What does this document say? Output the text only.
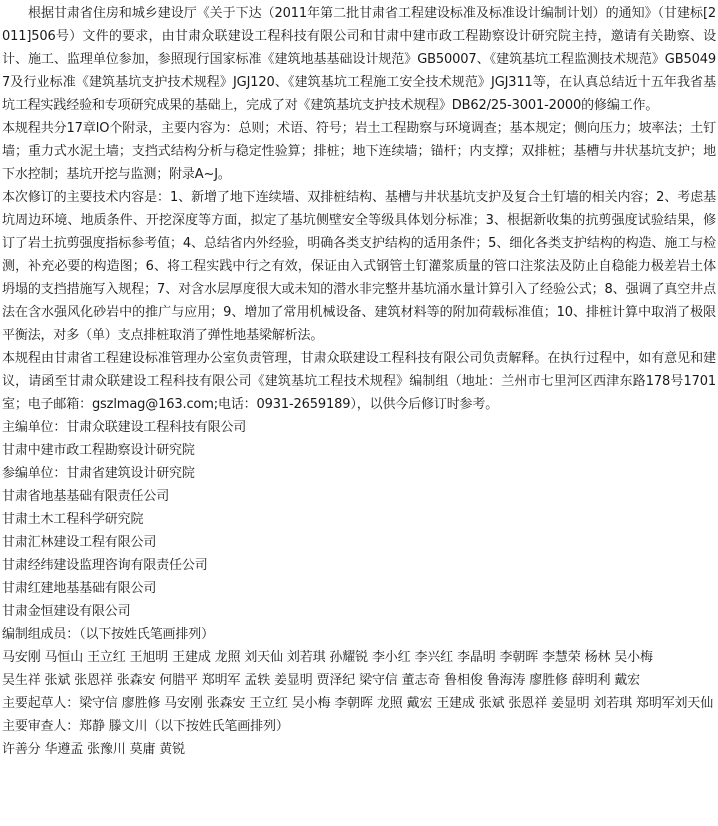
根据甘肃省住房和城乡建设厅《关于下达（2011年第二批甘肃省工程建设标准及标准设计编制计划）的通知》（甘建标[2011]506号）文件的要求，由甘肃众联建设工程科技有限公司和甘肃中建市政工程勘察设计研究院主持，邀请有关勘察、设计、施工、监理单位参加，参照现行国家标准《建筑地基基础设计规范》GB50007、《建筑基坑工程监测技术规范》GB50497及行业标准《建筑基坑支护技术规程》JGJ120、《建筑基坑工程施工安全技术规范》JGJ311等，在认真总结近十五年我省基坑工程实践经验和专项研究成果的基础上，完成了对《建筑基坑支护技术规程》DB62/25-3001-2000的修编工作。

本规程共分17章lO个附录，主要内容为：总则；术语、符号；岩土工程勘察与环境调查；基本规定；侧向压力；坡率法；土钉墙；重力式水泥土墙；支挡式结构分析与稳定性验算；排桩；地下连续墙；锚杆；内支撑；双排桩；基槽与井状基坑支护；地下水控制；基坑开挖与监测；附录A~J。

本次修订的主要技术内容是：1、新增了地下连续墙、双排桩结构、基槽与井状基坑支护及复合土钉墙的相关内容；2、考虑基坑周边环境、地质条件、开挖深度等方面，拟定了基坑侧壁安全等级具体划分标准；3、根据新收集的抗剪强度试验结果，修订了岩土抗剪强度指标参考值；4、总结省内外经验，明确各类支护结构的适用条件；5、细化各类支护结构的构造、施工与检测，补充必要的构造图；6、将工程实践中行之有效，保证由入式钢管土钉灌浆质量的管口注浆法及防止自稳能力极差岩土体坍塌的支挡措施写入规程；7、对含水层厚度很大或未知的潜水非完整井基坑涌水量计算引入了经验公式；8、强调了真空井点法在含水强风化砂岩中的推广与应用；9、增加了常用机械设备、建筑材料等的附加荷载标准值；10、排桩计算中取消了极限平衡法，对多（单）支点排桩取消了弹性地基梁解析法。

本规程由甘肃省工程建设标准管理办公室负责管理，甘肃众联建设工程科技有限公司负责解释。在执行过程中，如有意见和建议，请函至甘肃众联建设工程科技有限公司《建筑基坑工程技术规程》编制组（地址：兰州市七里河区西津东路178号1701室；电子邮箱：gszlmag@163.com;电话：0931-2659189），以供今后修订时参考。

主编单位：甘肃众联建设工程科技有限公司

甘肃中建市政工程勘察设计研究院

参编单位：甘肃省建筑设计研究院

甘肃省地基基础有限责任公司

甘肃土木工程科学研究院

甘肃汇林建设工程有限公司

甘肃经纬建设监理咨询有限责任公司

甘肃红建地基基础有限公司

甘肃金恒建设有限公司

编制组成员：（以下按姓氏笔画排列）

马安刚 马恒山 王立红 王旭明 王建成 龙照 刘天仙 刘若琪 孙耀锐 李小红 李兴红 李晶明 李朝晖 李慧荣 杨林 吴小梅

吴生祥 张斌 张恩祥 张森安 何腊平 郑明军 孟轶 姜显明 贾泽纪 梁守信 董志奇 鲁相俊 鲁海涛 廖胜修 薛明利 戴宏

主要起草人：梁守信 廖胜修 马安刚 张森安 王立红 吴小梅 李朝晖 龙照 戴宏 王建成 张斌 张恩祥 姜显明 刘若琪 郑明军刘天仙

主要审查人：郑静 滕文川（以下按姓氏笔画排列）

许善分 华遵孟 张豫川 莫庸 黄锐
